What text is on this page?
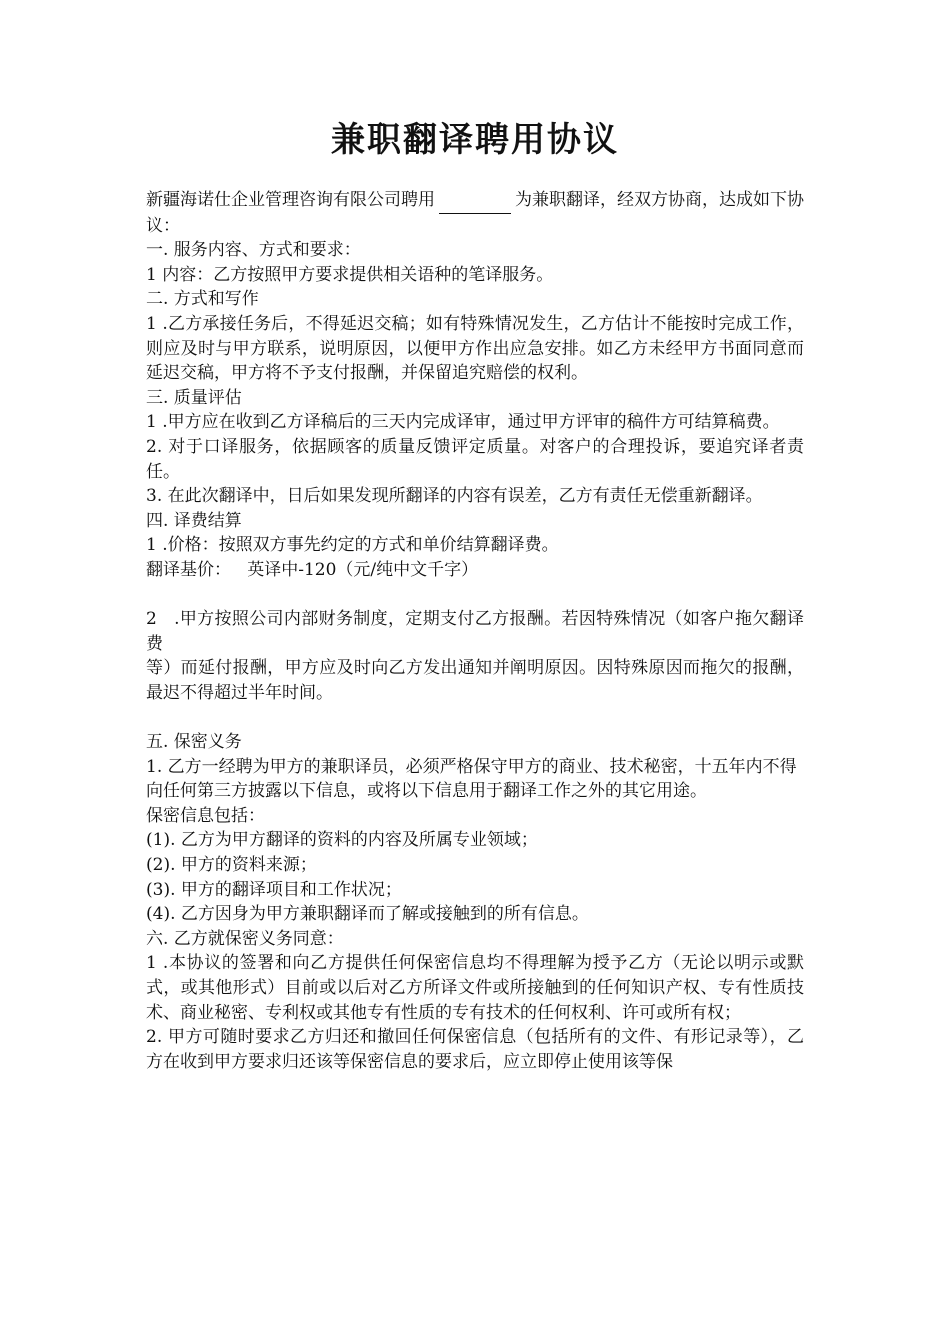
兼职翻译聘用协议

新疆海诺仕企业管理咨询有限公司聘用	为兼职翻译，经双方协商，达成如下协议：

一. 服务内容、方式和要求：

1 内容：乙方按照甲方要求提供相关语种的笔译服务。

二. 方式和写作

1 .乙方承接任务后，不得延迟交稿；如有特殊情况发生，乙方估计不能按时完成工作，则应及时与甲方联系，说明原因，以便甲方作出应急安排。如乙方未经甲方书面同意而延迟交稿，甲方将不予支付报酬，并保留追究赔偿的权利。

三. 质量评估

1 .甲方应在收到乙方译稿后的三天内完成译审，通过甲方评审的稿件方可结算稿费。

2. 对于口译服务，依据顾客的质量反馈评定质量。对客户的合理投诉，要追究译者责任。

3. 在此次翻译中，日后如果发现所翻译的内容有误差，乙方有责任无偿重新翻译。

四. 译费结算

1 .价格：按照双方事先约定的方式和单价结算翻译费。

翻译基价：   英译中-120（元/纯中文千字）

2   .甲方按照公司内部财务制度，定期支付乙方报酬。若因特殊情况（如客户拖欠翻译费

等）而延付报酬，甲方应及时向乙方发出通知并阐明原因。因特殊原因而拖欠的报酬，最迟不得超过半年时间。

五. 保密义务

1. 乙方一经聘为甲方的兼职译员，必须严格保守甲方的商业、技术秘密，十五年内不得

向任何第三方披露以下信息，或将以下信息用于翻译工作之外的其它用途。

保密信息包括：

(1). 乙方为甲方翻译的资料的内容及所属专业领域；

(2). 甲方的资料来源；

(3). 甲方的翻译项目和工作状况；

(4). 乙方因身为甲方兼职翻译而了解或接触到的所有信息。

六. 乙方就保密义务同意：

1 .本协议的签署和向乙方提供任何保密信息均不得理解为授予乙方（无论以明示或默式，或其他形式）目前或以后对乙方所译文件或所接触到的任何知识产权、专有性质技术、商业秘密、专利权或其他专有性质的专有技术的任何权利、许可或所有权；

2. 甲方可随时要求乙方归还和撤回任何保密信息（包括所有的文件、有形记录等），乙方在收到甲方要求归还该等保密信息的要求后，应立即停止使用该等保
